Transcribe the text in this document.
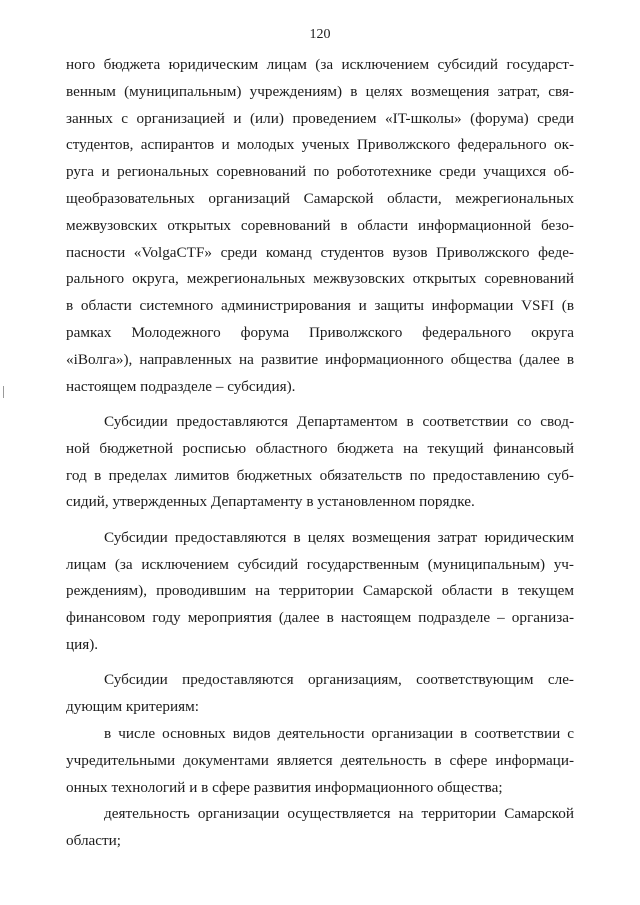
120
ного бюджета юридическим лицам (за исключением субсидий государст-
венным (муниципальным) учреждениям) в целях возмещения затрат, свя-
занных с организацией и (или) проведением «IT-школы» (форума) среди
студентов, аспирантов и молодых ученых Приволжского федерального ок-
руга и региональных соревнований по робототехнике среди учащихся об-
щеобразовательных организаций Самарской области, межрегиональных
межвузовских открытых соревнований в области информационной безо-
пасности «VolgaCTF» среди команд студентов вузов Приволжского феде-
рального округа, межрегиональных межвузовских открытых соревнований
в области системного администрирования и защиты информации VSFI (в
рамках Молодежного форума Приволжского федерального округа
«iВолга»), направленных на развитие информационного общества (далее в
настоящем подразделе – субсидия).
Субсидии предоставляются Департаментом в соответствии со свод-
ной бюджетной росписью областного бюджета на текущий финансовый
год в пределах лимитов бюджетных обязательств по предоставлению суб-
сидий, утвержденных Департаменту в установленном порядке.
Субсидии предоставляются в целях возмещения затрат юридическим
лицам (за исключением субсидий государственным (муниципальным) уч-
реждениям), проводившим на территории Самарской области в текущем
финансовом году мероприятия (далее в настоящем подразделе – организа-
ция).
Субсидии предоставляются организациям, соответствующим сле-
дующим критериям:
в числе основных видов деятельности организации в соответствии с
учредительными документами является деятельность в сфере информаци-
онных технологий и в сфере развития информационного общества;
деятельность организации осуществляется на территории Самарской
области;
